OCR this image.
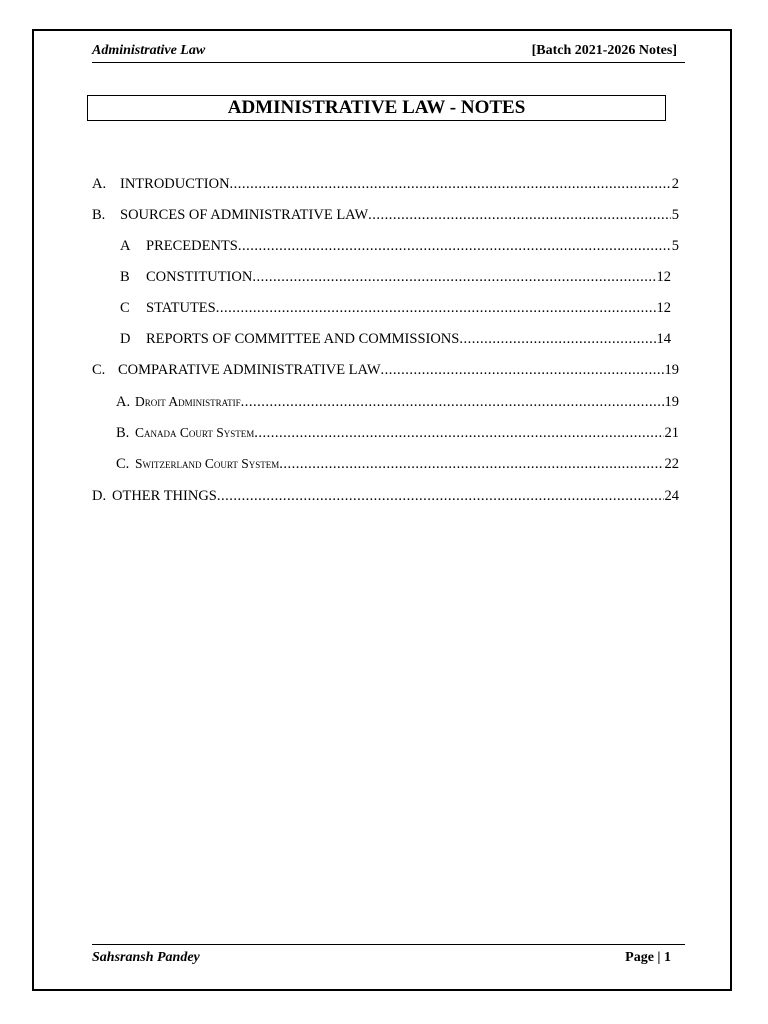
Administrative Law	[Batch 2021-2026 Notes]
ADMINISTRATIVE LAW - NOTES
A. INTRODUCTION .....	2
B.	SOURCES OF ADMINISTRATIVE LAW .....	5
A	PRECEDENTS .....	5
B	CONSTITUTION .....	12
C	STATUTES .....	12
D	REPORTS OF COMMITTEE AND COMMISSIONS .....	14
C. COMPARATIVE ADMINISTRATIVE LAW .....	19
A. Droit Administratif .....	19
B. Canada Court System .....	21
C. Switzerland Court System .....	22
D. OTHER THINGS .....	24
Sahsransh Pandey	Page | 1
